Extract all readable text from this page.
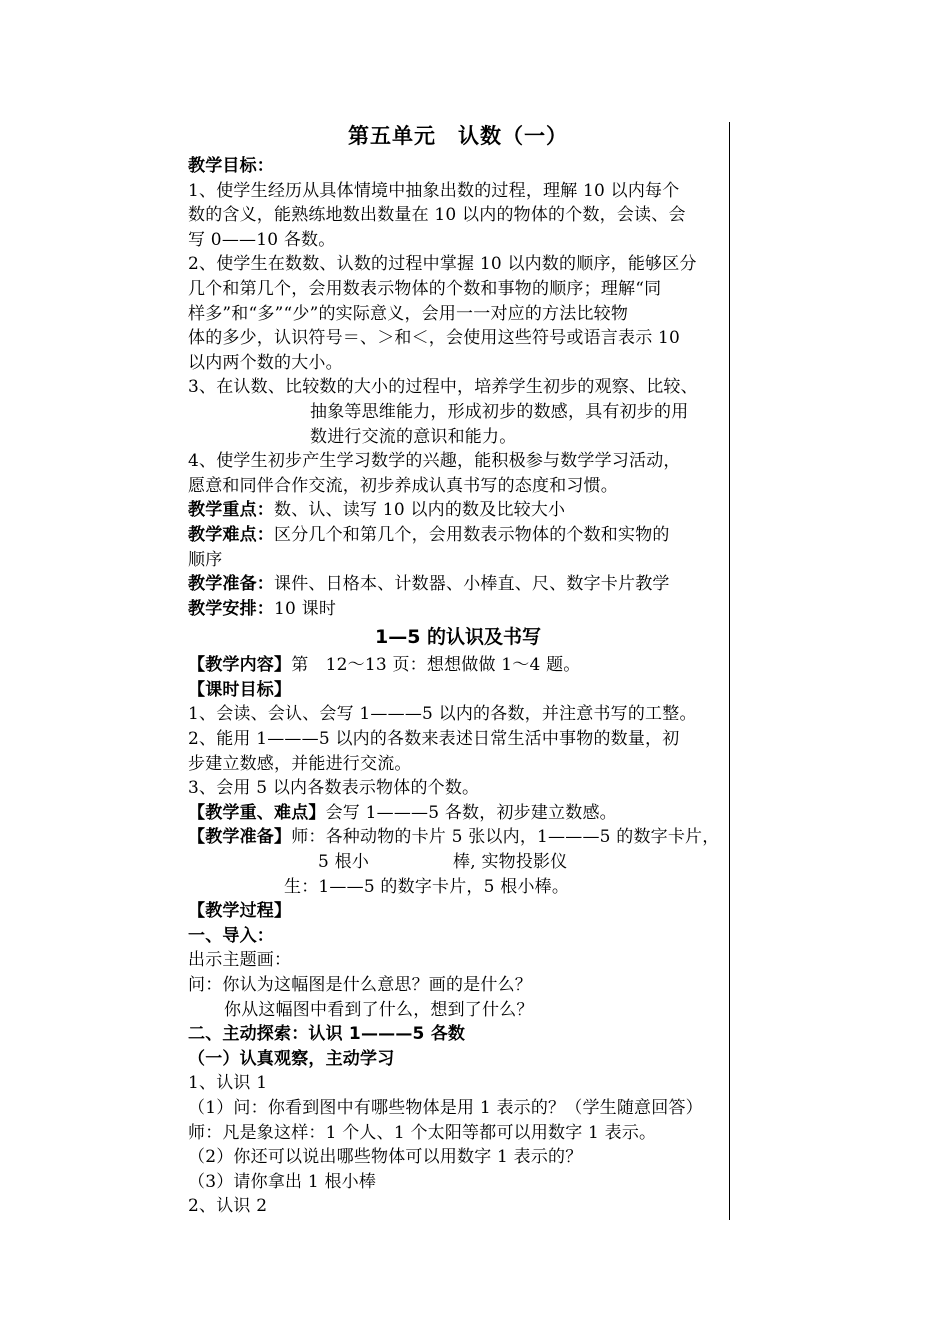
第五单元　认数（一）
教学目标：
1、使学生经历从具体情境中抽象出数的过程，理解 10 以内每个
数的含义，能熟练地数出数量在 10 以内的物体的个数，会读、会
写 0——10 各数。
2、使学生在数数、认数的过程中掌握 10 以内数的顺序，能够区分
几个和第几个，会用数表示物体的个数和事物的顺序；理解“同
样多”和“多”“少”的实际意义，会用一一对应的方法比较物
体的多少，认识符号＝、＞和＜，会使用这些符号或语言表示 10
以内两个数的大小。
3、在认数、比较数的大小的过程中，培养学生初步的观察、比较、
抽象等思维能力，形成初步的数感，具有初步的用
数进行交流的意识和能力。
4、使学生初步产生学习数学的兴趣，能积极参与数学学习活动，
愿意和同伴合作交流，初步养成认真书写的态度和习惯。
教学重点：数、认、读写 10 以内的数及比较大小
教学难点：区分几个和第几个，会用数表示物体的个数和实物的
顺序
教学准备：课件、日格本、计数器、小棒直、尺、数字卡片教学
教学安排：10 课时
1—5 的认识及书写
【教学内容】第　12～13 页：想想做做 1～4 题。
【课时目标】
1、会读、会认、会写 1———5 以内的各数，并注意书写的工整。
2、能用 1———5 以内的各数来表述日常生活中事物的数量，初
步建立数感，并能进行交流。
3、会用 5 以内各数表示物体的个数。
【教学重、难点】会写 1———5 各数，初步建立数感。
【教学准备】师：各种动物的卡片 5 张以内，1———5 的数字卡片，
5 根小	棒, 实物投影仪
生：1——5 的数字卡片，5 根小棒。
【教学过程】
一、导入：
出示主题画：
问：你认为这幅图是什么意思？画的是什么？
你从这幅图中看到了什么，想到了什么？
二、主动探索：认识 1———5 各数
（一）认真观察，主动学习
1、认识 1
（1）问：你看到图中有哪些物体是用 1 表示的？（学生随意回答）
师：凡是象这样：1 个人、1 个太阳等都可以用数字 1 表示。
（2）你还可以说出哪些物体可以用数字 1 表示的？
（3）请你拿出 1 根小棒
2、认识 2
